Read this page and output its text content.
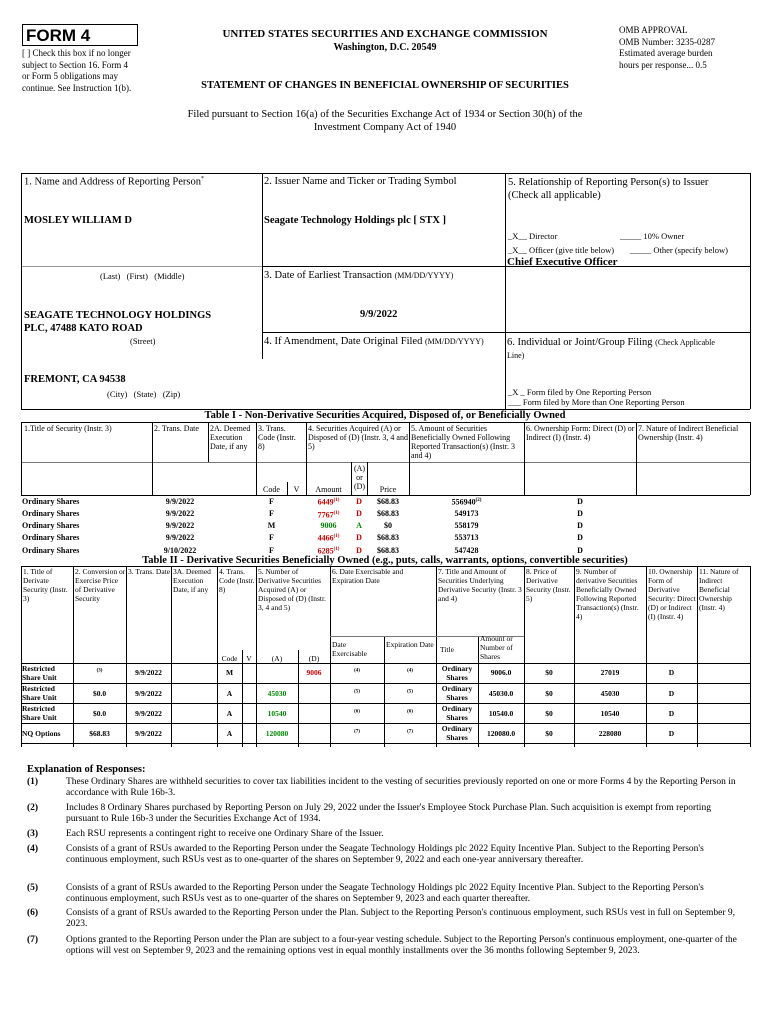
FORM 4
[ ] Check this box if no longer
subject to Section 16. Form 4
or Form 5 obligations may
continue. See Instruction 1(b).
UNITED STATES SECURITIES AND EXCHANGE COMMISSION
Washington, D.C. 20549
STATEMENT OF CHANGES IN BENEFICIAL OWNERSHIP OF SECURITIES
OMB APPROVAL
OMB Number: 3235-0287
Estimated average burden
hours per response... 0.5
Filed pursuant to Section 16(a) of the Securities Exchange Act of 1934 or Section 30(h) of the
Investment Company Act of 1940
1. Name and Address of Reporting Person*
MOSLEY WILLIAM D
(Last)   (First)   (Middle)
SEAGATE TECHNOLOGY HOLDINGS
PLC, 47488 KATO ROAD
(Street)
FREMONT, CA 94538
(City)   (State)   (Zip)
2. Issuer Name and Ticker or Trading Symbol
Seagate Technology Holdings plc [ STX ]
3. Date of Earliest Transaction (MM/DD/YYYY)
9/9/2022
4. If Amendment, Date Original Filed (MM/DD/YYYY)
5. Relationship of Reporting Person(s) to Issuer
(Check all applicable)
_X__ Director	_____ 10% Owner
_X__ Officer (give title below) _____ Other (specify below)
Chief Executive Officer
6. Individual or Joint/Group Filing (Check Applicable
Line)
_X _ Form filed by One Reporting Person
___ Form filed by More than One Reporting Person
Table I - Non-Derivative Securities Acquired, Disposed of, or Beneficially Owned
1.Title of Security (Instr. 3)	2. Trans. Date	2A. Deemed Execution Date, if any
3. Trans. Code (Instr. 8)
4. Securities Acquired (A) or Disposed of (D) (Instr. 3, 4 and 5)
5. Amount of Securities Beneficially Owned Following Reported Transaction(s) (Instr. 3 and 4)
6. Ownership Form: Direct (D) or Indirect (I) (Instr. 4)
7. Nature of Indirect Beneficial Ownership (Instr. 4)
Code	V	Amount
(A) or (D)	Price
Ordinary Shares	9/9/2022		F		6449$^{(1)}$	D	$68.83	556940$^{(2)}$	D	
Ordinary Shares	9/9/2022		F		7767$^{(1)}$	D	$68.83	549173	D	
Ordinary Shares	9/9/2022		M		9006	A	$0	558179	D	
Ordinary Shares	9/9/2022		F		4466$^{(1)}$	D	$68.83	553713	D	
Ordinary Shares	9/10/2022		F		6285$^{(1)}$	D	$68.83	547428	D	
Table II - Derivative Securities Beneficially Owned (e.g., puts, calls, warrants, options, convertible securities)
1. Title of Derivate Security (Instr. 3)
2. Conversion or Exercise Price of Derivative Security
3. Trans. Date 3A. Deemed Execution Date, if any
4. Trans. Code (Instr. 8)
5. Number of Derivative Securities Acquired (A) or Disposed of (D) (Instr. 3, 4 and 5)
6. Date Exercisable and Expiration Date
7. Title and Amount of Securities Underlying Derivative Security (Instr. 3 and 4)
8. Price of Derivative Security (Instr. 5)
9. Number of derivative Securities Beneficially Owned Following Reported Transaction(s) (Instr. 4)
10. Ownership Form of Derivative Security: Direct (D) or Indirect (I) (Instr. 4)
11. Nature of Indirect Beneficial Ownership (Instr. 4)
Code	V	(A)	(D)
Date Exercisable
Expiration Date
Title
Amount or Number of Shares
Restricted Share Unit	$^{(3)}$	9/9/2022		M			9006	$^{(4)}$	$^{(4)}$	Ordinary Shares	9006.0	$0	27019	D	
Restricted Share Unit	$0.0	9/9/2022		A		45030		$^{(5)}$	$^{(5)}$	Ordinary Shares	45030.0	$0	45030	D	
Restricted Share Unit	$0.0	9/9/2022		A		10540		$^{(6)}$	$^{(6)}$	Ordinary Shares	10540.0	$0	10540	D	
NQ Options	$68.83	9/9/2022		A		120080		$^{(7)}$	$^{(7)}$	Ordinary Shares	120080.0	$0	228080	D	
Explanation of Responses:
(1)	These Ordinary Shares are withheld securities to cover tax liabilities incident to the vesting of securities previously reported on one or more Forms 4 by the Reporting Person in accordance with Rule 16b-3.
(2)	Includes 8 Ordinary Shares purchased by Reporting Person on July 29, 2022 under the Issuer's Employee Stock Purchase Plan. Such acquisition is exempt from reporting pursuant to Rule 16b-3 under the Securities Exchange Act of 1934.
(3)	Each RSU represents a contingent right to receive one Ordinary Share of the Issuer.
(4)	Consists of a grant of RSUs awarded to the Reporting Person under the Seagate Technology Holdings plc 2022 Equity Incentive Plan. Subject to the Reporting Person's continuous employment, such RSUs vest as to one-quarter of the shares on September 9, 2022 and each one-year anniversary thereafter.
(5)	Consists of a grant of RSUs awarded to the Reporting Person under the Seagate Technology Holdings plc 2022 Equity Incentive Plan. Subject to the Reporting Person's continuous employment, such RSUs vest as to one-quarter of the shares on September 9, 2023 and each quarter thereafter.
(6)	Consists of a grant of RSUs awarded to the Reporting Person under the Plan. Subject to the Reporting Person's continuous employment, such RSUs vest in full on September 9, 2023.
(7)	Options granted to the Reporting Person under the Plan are subject to a four-year vesting schedule. Subject to the Reporting Person's continuous employment, one-quarter of the options will vest on September 9, 2023 and the remaining options vest in equal monthly installments over the 36 months following September 9, 2023.
